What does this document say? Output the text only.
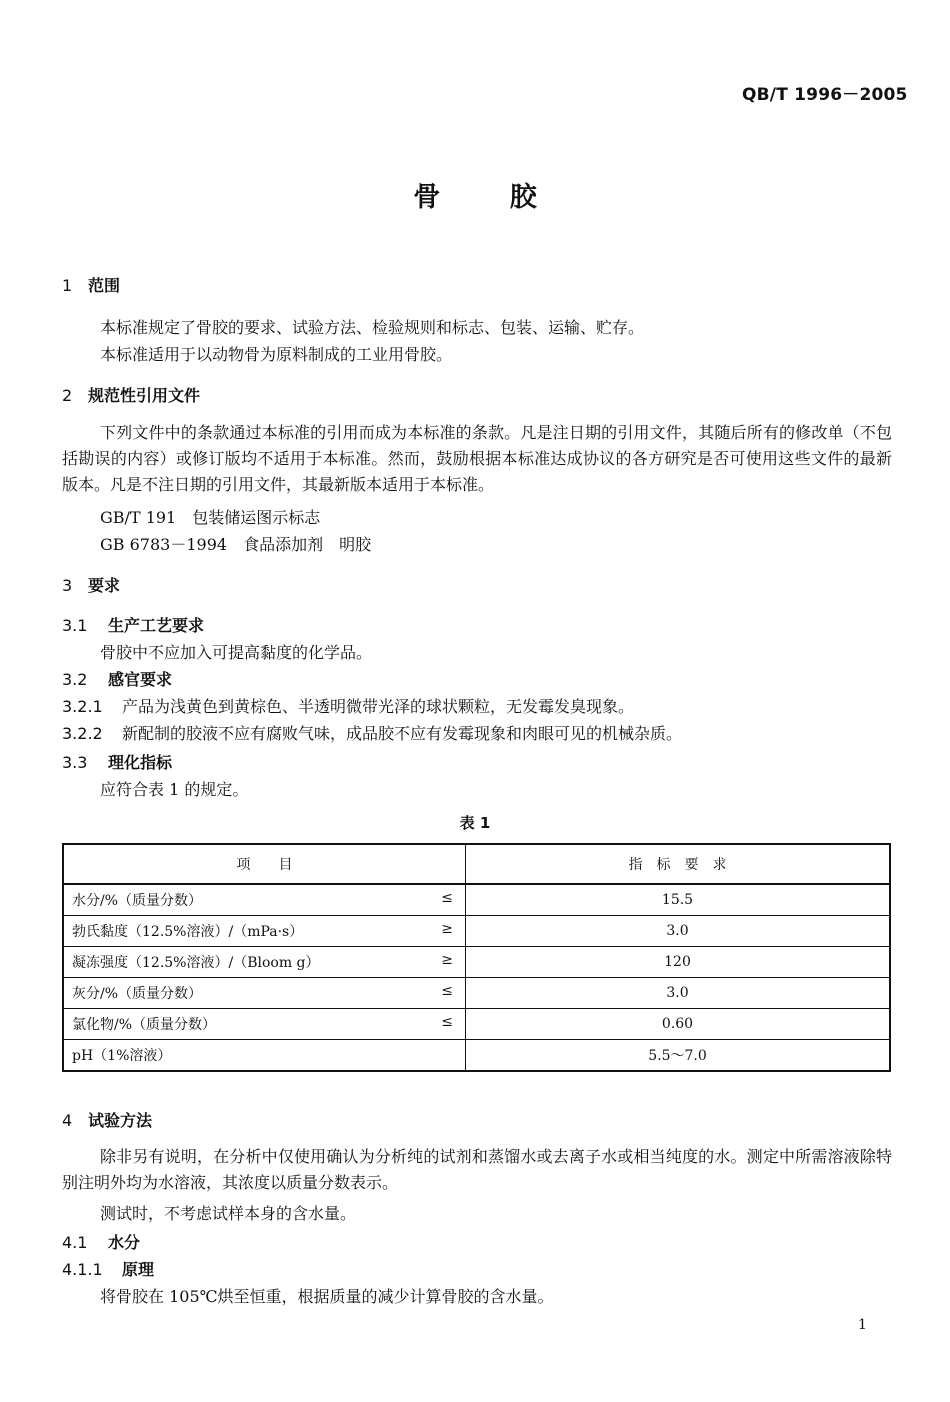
QB/T 1996－2005
骨 胶
1 范围
本标准规定了骨胶的要求、试验方法、检验规则和标志、包装、运输、贮存。
本标准适用于以动物骨为原料制成的工业用骨胶。
2 规范性引用文件
下列文件中的条款通过本标准的引用而成为本标准的条款。凡是注日期的引用文件，其随后所有的修改单（不包括勘误的内容）或修订版均不适用于本标准。然而，鼓励根据本标准达成协议的各方研究是否可使用这些文件的最新版本。凡是不注日期的引用文件，其最新版本适用于本标准。
GB/T 191　包装储运图示标志
GB 6783－1994　食品添加剂　明胶
3 要求
3.1 生产工艺要求
骨胶中不应加入可提高黏度的化学品。
3.2 感官要求
3.2.1 产品为浅黄色到黄棕色、半透明微带光泽的球状颗粒，无发霉发臭现象。
3.2.2 新配制的胶液不应有腐败气味，成品胶不应有发霉现象和肉眼可见的机械杂质。
3.3 理化指标
应符合表 1 的规定。
表 1
项　　目	指　标　要　求
水分/%（质量分数） ≤	15.5
勃氏黏度（12.5%溶液）/（mPa·s） ≥	3.0
凝冻强度（12.5%溶液）/（Bloom g） ≥	120
灰分/%（质量分数） ≤	3.0
氯化物/%（质量分数） ≤	0.60
pH（1%溶液）	5.5～7.0
4 试验方法
除非另有说明，在分析中仅使用确认为分析纯的试剂和蒸馏水或去离子水或相当纯度的水。测定中所需溶液除特别注明外均为水溶液，其浓度以质量分数表示。
测试时，不考虑试样本身的含水量。
4.1 水分
4.1.1 原理
将骨胶在 105℃烘至恒重，根据质量的减少计算骨胶的含水量。
1
